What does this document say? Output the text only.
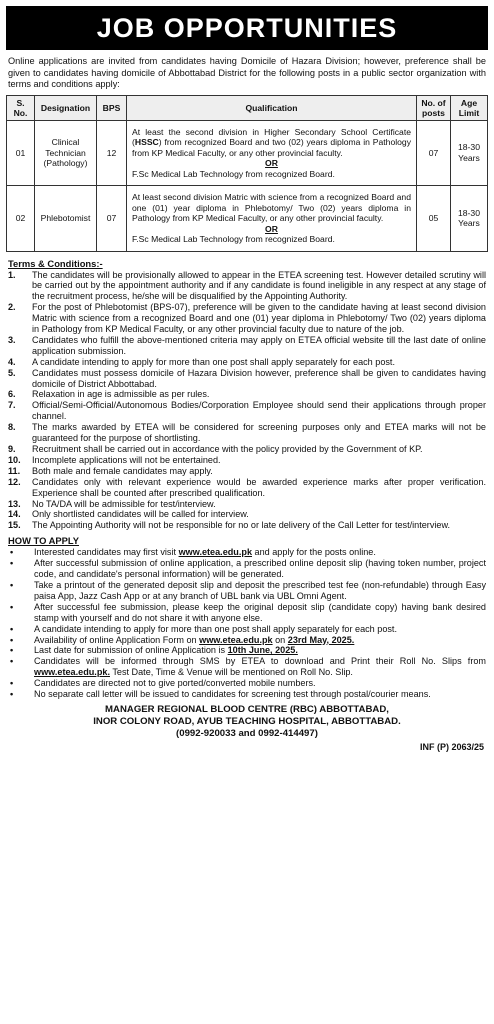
JOB OPPORTUNITIES

Online applications are invited from candidates having Domicile of Hazara Division; however, preference shall be given to candidates having domicile of Abbottabad District for the following posts in a public sector organization with terms and conditions apply:

S. No.	Designation	BPS	Qualification	No. of posts	Age Limit
01	Clinical Technician (Pathology)	12	At least the second division in Higher Secondary School Certificate (HSSC) from recognized Board and two (02) years diploma in Pathology from KP Medical Faculty, or any other provincial faculty.

OR

F.Sc Medical Lab Technology from recognized Board.	07	18-30 Years
02	Phlebotomist	07	At least second division Matric with science from a recognized Board and one (01) year diploma in Phlebotomy/ Two (02) years diploma in Pathology from KP Medical Faculty, or any other provincial faculty.

OR

F.Sc Medical Lab Technology from recognized Board.	05	18-30 Years
Terms & Conditions:-
1.	The candidates will be provisionally allowed to appear in the ETEA screening test. However detailed scrutiny will be carried out by the appointment authority and if any candidate is found ineligible in any respect at any stage of the recruitment process, he/she will be disqualified by the Appointing Authority.
2.	For the post of Phlebotomist (BPS-07), preference will be given to the candidate having at least second division Matric with science from a recognized Board and one (01) year diploma in Phlebotomy/ Two (02) years diploma in Pathology from KP Medical Faculty, or any other provincial faculty due to nature of the job.
3.	Candidates who fulfill the above-mentioned criteria may apply on ETEA official website till the last date of online application submission.
4.	A candidate intending to apply for more than one post shall apply separately for each post.
5.	Candidates must possess domicile of Hazara Division however, preference shall be given to candidates having domicile of District Abbottabad.
6.	Relaxation in age is admissible as per rules.
7.	Official/Semi-Official/Autonomous Bodies/Corporation Employee should send their applications through proper channel.
8.	The marks awarded by ETEA will be considered for screening purposes only and ETEA marks will not be guaranteed for the purpose of shortlisting.
9.	Recruitment shall be carried out in accordance with the policy provided by the Government of KP.
10.	Incomplete applications will not be entertained.
11.	Both male and female candidates may apply.
12.	Candidates only with relevant experience would be awarded experience marks after proper verification. Experience shall be counted after prescribed qualification.
13.	No TA/DA will be admissible for test/interview.
14.	Only shortlisted candidates will be called for interview.
15.	The Appointing Authority will not be responsible for no or late delivery of the Call Letter for test/interview.
HOW TO APPLY
•	Interested candidates may first visit www.etea.edu.pk and apply for the posts online.
•	After successful submission of online application, a prescribed online deposit slip (having token number, project code, and candidate's personal information) will be generated.
•	Take a printout of the generated deposit slip and deposit the prescribed test fee (non-refundable) through Easy paisa App, Jazz Cash App or at any branch of UBL bank via UBL Omni Agent.
•	After successful fee submission, please keep the original deposit slip (candidate copy) having bank desired stamp with yourself and do not share it with anyone else.
•	A candidate intending to apply for more than one post shall apply separately for each post.
•	Availability of online Application Form on www.etea.edu.pk on 23rd May, 2025.
•	Last date for submission of online Application is 10th June, 2025.
•	Candidates will be informed through SMS by ETEA to download and Print their Roll No. Slips from www.etea.edu.pk. Test Date, Time & Venue will be mentioned on Roll No. Slip.
•	Candidates are directed not to give ported/converted mobile numbers.
•	No separate call letter will be issued to candidates for screening test through postal/courier means.
MANAGER REGIONAL BLOOD CENTRE (RBC) ABBOTTABAD,
INOR COLONY ROAD, AYUB TEACHING HOSPITAL, ABBOTTABAD.
(0992-920033 and 0992-414497)
INF (P) 2063/25
